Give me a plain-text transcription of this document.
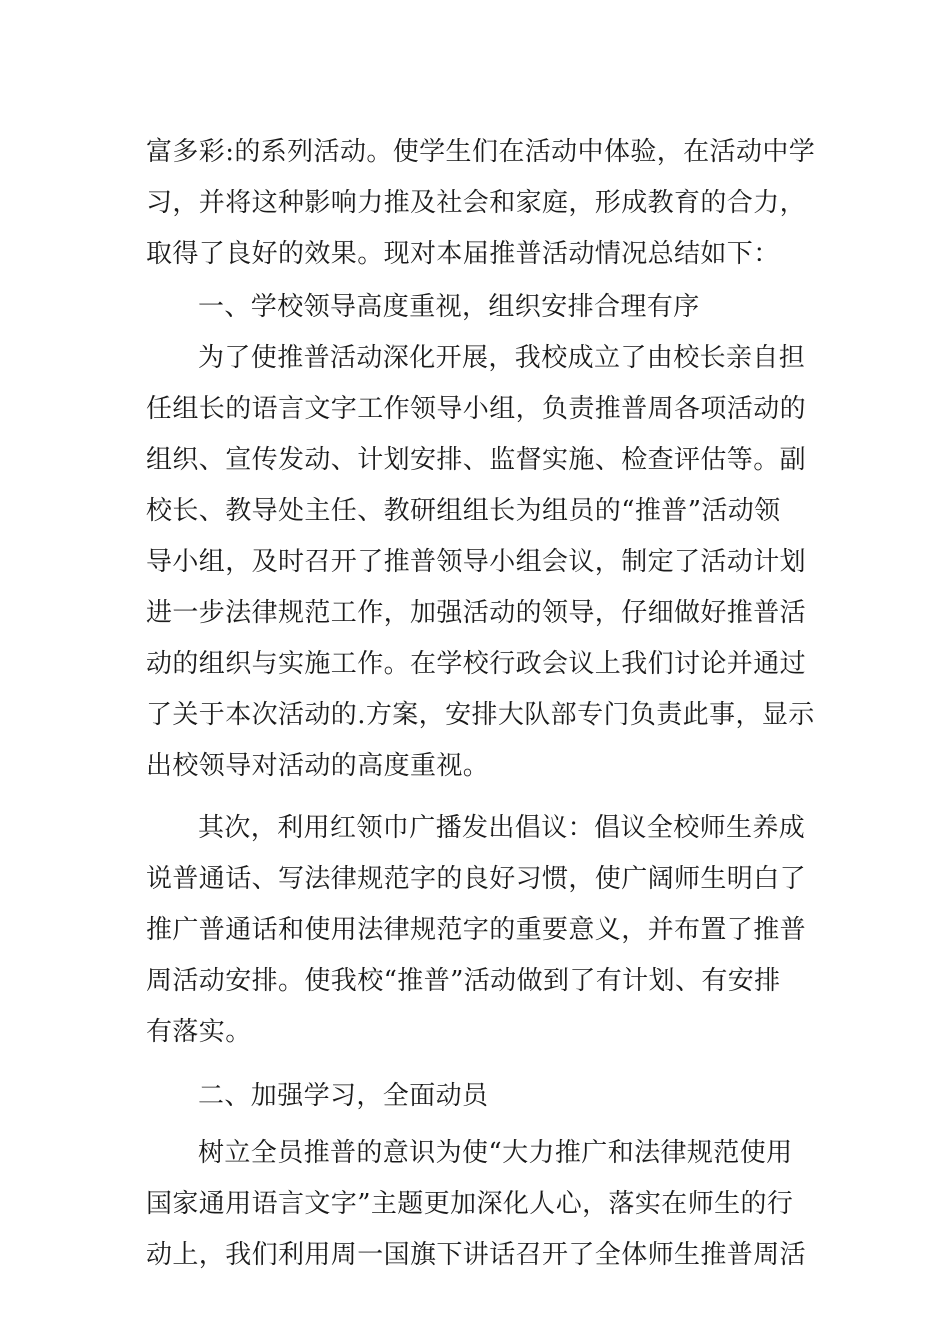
富多彩:的系列活动。使学生们在活动中体验，在活动中学
习，并将这种影响力推及社会和家庭，形成教育的合力，
取得了良好的效果。现对本届推普活动情况总结如下：
一、学校领导高度重视，组织安排合理有序
为了使推普活动深化开展，我校成立了由校长亲自担
任组长的语言文字工作领导小组，负责推普周各项活动的
组织、宣传发动、计划安排、监督实施、检查评估等。副
校长、教导处主任、教研组组长为组员的“推普”活动领
导小组，及时召开了推普领导小组会议，制定了活动计划
进一步法律规范工作，加强活动的领导，仔细做好推普活
动的组织与实施工作。在学校行政会议上我们讨论并通过
了关于本次活动的.方案，安排大队部专门负责此事，显示
出校领导对活动的高度重视。
其次，利用红领巾广播发出倡议：倡议全校师生养成
说普通话、写法律规范字的良好习惯，使广阔师生明白了
推广普通话和使用法律规范字的重要意义，并布置了推普
周活动安排。使我校“推普”活动做到了有计划、有安排
有落实。
二、加强学习，全面动员
树立全员推普的意识为使“大力推广和法律规范使用
国家通用语言文字”主题更加深化人心，落实在师生的行
动上，我们利用周一国旗下讲话召开了全体师生推普周活
